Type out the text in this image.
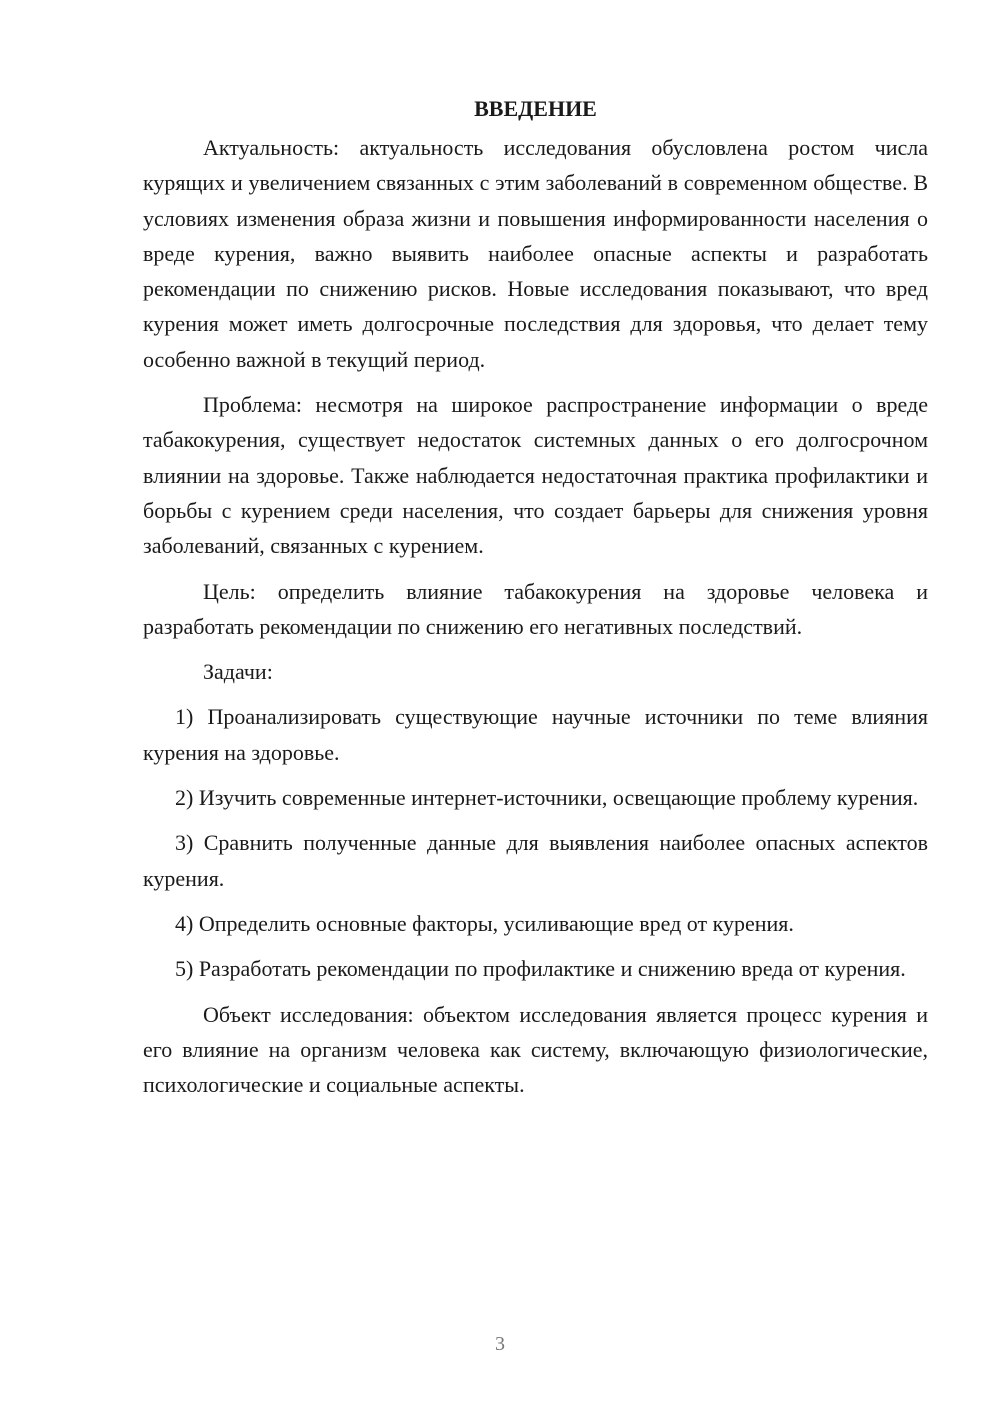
ВВЕДЕНИЕ

Актуальность: актуальность исследования обусловлена ростом числа курящих и увеличением связанных с этим заболеваний в современном обществе. В условиях изменения образа жизни и повышения информированности населения о вреде курения, важно выявить наиболее опасные аспекты и разработать рекомендации по снижению рисков. Новые исследования показывают, что вред курения может иметь долгосрочные последствия для здоровья, что делает тему особенно важной в текущий период.

Проблема: несмотря на широкое распространение информации о вреде табакокурения, существует недостаток системных данных о его долгосрочном влиянии на здоровье. Также наблюдается недостаточная практика профилактики и борьбы с курением среди населения, что создает барьеры для снижения уровня заболеваний, связанных с курением.

Цель: определить влияние табакокурения на здоровье человека и разработать рекомендации по снижению его негативных последствий.

Задачи:

1) Проанализировать существующие научные источники по теме влияния курения на здоровье.

2) Изучить современные интернет-источники, освещающие проблему курения.

3) Сравнить полученные данные для выявления наиболее опасных аспектов курения.

4) Определить основные факторы, усиливающие вред от курения.

5) Разработать рекомендации по профилактике и снижению вреда от курения.

Объект исследования: объектом исследования является процесс курения и его влияние на организм человека как систему, включающую физиологические, психологические и социальные аспекты.

3
